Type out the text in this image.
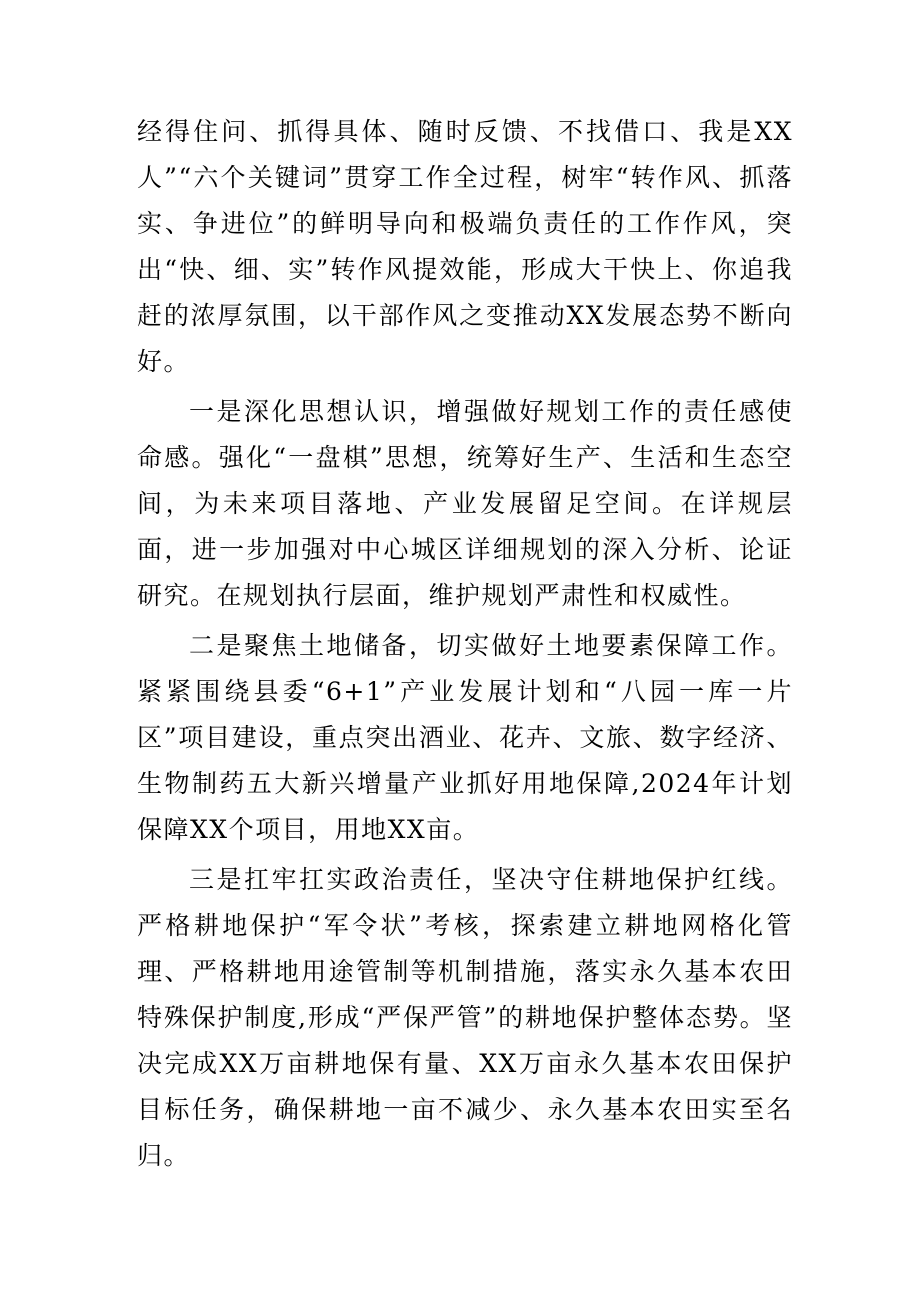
经得住问、抓得具体、随时反馈、不找借口、我是XX人”“六个关键词”贯穿工作全过程，树牢“转作风、抓落实、争进位”的鲜明导向和极端负责任的工作作风，突出“快、细、实”转作风提效能，形成大干快上、你追我赶的浓厚氛围，以干部作风之变推动XX发展态势不断向好。

一是深化思想认识，增强做好规划工作的责任感使命感。强化“一盘棋”思想，统筹好生产、生活和生态空间，为未来项目落地、产业发展留足空间。在详规层面，进一步加强对中心城区详细规划的深入分析、论证研究。在规划执行层面，维护规划严肃性和权威性。

二是聚焦土地储备，切实做好土地要素保障工作。紧紧围绕县委“6+1”产业发展计划和“八园一库一片区”项目建设，重点突出酒业、花卉、文旅、数字经济、生物制药五大新兴增量产业抓好用地保障,2024年计划保障XX个项目，用地XX亩。

三是扛牢扛实政治责任，坚决守住耕地保护红线。严格耕地保护“军令状”考核，探索建立耕地网格化管理、严格耕地用途管制等机制措施，落实永久基本农田特殊保护制度,形成“严保严管”的耕地保护整体态势。坚决完成XX万亩耕地保有量、XX万亩永久基本农田保护目标任务，确保耕地一亩不减少、永久基本农田实至名归。
